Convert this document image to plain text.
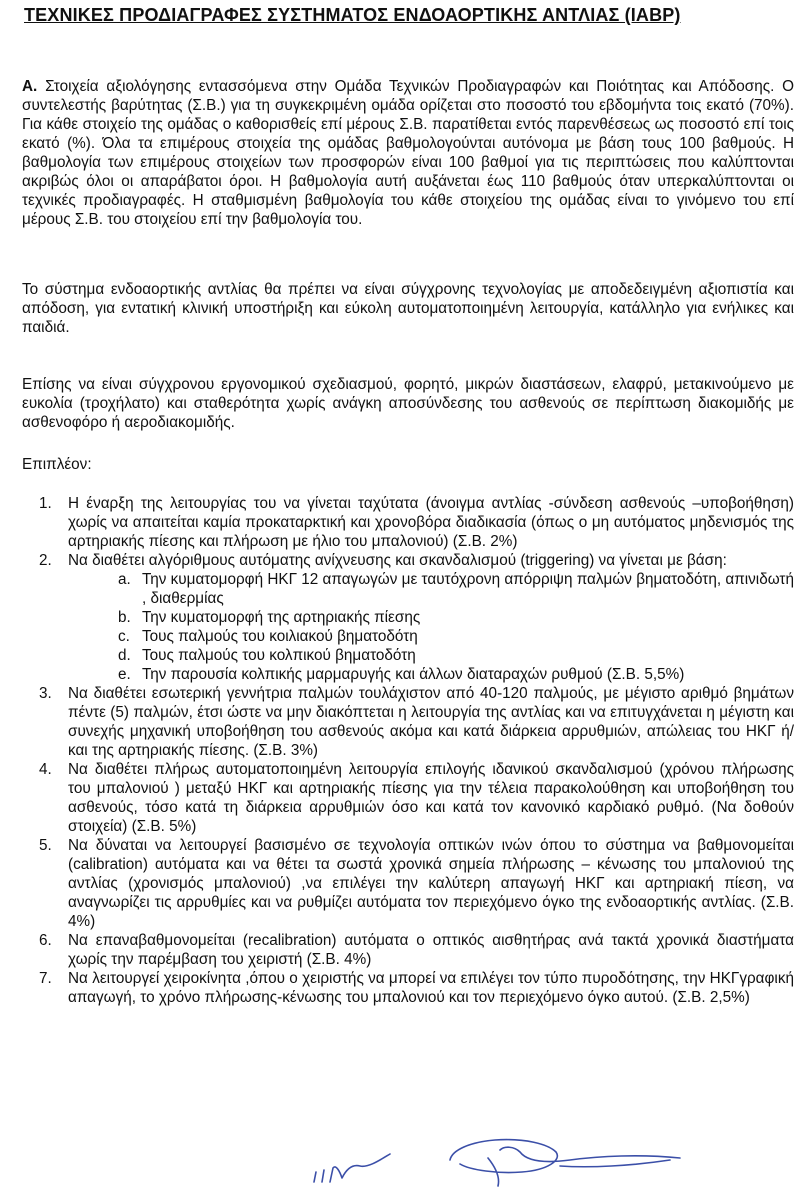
ΤΕΧΝΙΚΕΣ ΠΡΟΔΙΑΓΡΑΦΕΣ ΣΥΣΤΗΜΑΤΟΣ ΕΝΔΟΑΟΡΤΙΚΗΣ ΑΝΤΛΙΑΣ (IABP)
Α. Στοιχεία αξιολόγησης εντασσόμενα στην Ομάδα Τεχνικών Προδιαγραφών και Ποιότητας και Απόδοσης. Ο συντελεστής βαρύτητας (Σ.Β.) για τη συγκεκριμένη ομάδα ορίζεται στο ποσοστό του εβδομήντα τοις εκατό (70%). Για κάθε στοιχείο της ομάδας ο καθορισθείς επί μέρους Σ.Β. παρατίθεται εντός παρενθέσεως ως ποσοστό επί τοις εκατό (%). Όλα τα επιμέρους στοιχεία της ομάδας βαθμολογούνται αυτόνομα με βάση τους 100 βαθμούς. Η βαθμολογία των επιμέρους στοιχείων των προσφορών είναι 100 βαθμοί για τις περιπτώσεις που καλύπτονται ακριβώς όλοι οι απαράβατοι όροι. Η βαθμολογία αυτή αυξάνεται έως 110 βαθμούς όταν υπερκαλύπτονται οι τεχνικές προδιαγραφές. Η σταθμισμένη βαθμολογία του κάθε στοιχείου της ομάδας είναι το γινόμενο του επί μέρους Σ.Β. του στοιχείου επί την βαθμολογία του.
Το σύστημα ενδοαορτικής αντλίας θα πρέπει να είναι σύγχρονης τεχνολογίας με αποδεδειγμένη αξιοπιστία και απόδοση, για εντατική κλινική υποστήριξη και εύκολη αυτοματοποιημένη λειτουργία, κατάλληλο για ενήλικες και παιδιά.
Επίσης να είναι σύγχρονου εργονομικού σχεδιασμού, φορητό, μικρών διαστάσεων, ελαφρύ, μετακινούμενο με ευκολία (τροχήλατο) και σταθερότητα χωρίς ανάγκη αποσύνδεσης του ασθενούς σε περίπτωση διακομιδής με ασθενοφόρο ή αεροδιακομιδής.
Επιπλέον:
1. Η έναρξη της λειτουργίας του να γίνεται ταχύτατα (άνοιγμα αντλίας -σύνδεση ασθενούς –υποβοήθηση) χωρίς να απαιτείται καμία προκαταρκτική και χρονοβόρα διαδικασία (όπως ο μη αυτόματος μηδενισμός της αρτηριακής πίεσης και πλήρωση με ήλιο του μπαλονιού) (Σ.Β. 2%)
2. Να διαθέτει αλγόριθμους αυτόματης ανίχνευσης και σκανδαλισμού (triggering) να γίνεται με βάση:
a. Την κυματομορφή ΗΚΓ 12 απαγωγών με ταυτόχρονη απόρριψη παλμών βηματοδότη, απινιδωτή , διαθερμίας
b. Την κυματομορφή της αρτηριακής πίεσης
c. Τους παλμούς του κοιλιακού βηματοδότη
d. Τους παλμούς του κολπικού βηματοδότη
e. Την παρουσία κολπικής μαρμαρυγής και άλλων διαταραχών ρυθμού (Σ.Β. 5,5%)
3. Να διαθέτει εσωτερική γεννήτρια παλμών τουλάχιστον από 40-120 παλμούς, με μέγιστο αριθμό βημάτων πέντε (5) παλμών, έτσι ώστε να μην διακόπτεται η λειτουργία της αντλίας και να επιτυγχάνεται η μέγιστη και συνεχής μηχανική υποβοήθηση του ασθενούς ακόμα και κατά διάρκεια αρρυθμιών, απώλειας του ΗΚΓ ή/και της αρτηριακής πίεσης. (Σ.Β. 3%)
4. Να διαθέτει πλήρως αυτοματοποιημένη λειτουργία επιλογής ιδανικού σκανδαλισμού (χρόνου πλήρωσης του μπαλονιού ) μεταξύ ΗΚΓ και αρτηριακής πίεσης για την τέλεια παρακολούθηση και υποβοήθηση του ασθενούς, τόσο κατά τη διάρκεια αρρυθμιών όσο και κατά τον κανονικό καρδιακό ρυθμό. (Να δοθούν στοιχεία) (Σ.Β. 5%)
5. Να δύναται να λειτουργεί βασισμένο σε τεχνολογία οπτικών ινών όπου το σύστημα να βαθμονομείται (calibration) αυτόματα και να θέτει τα σωστά χρονικά σημεία πλήρωσης – κένωσης του μπαλονιού της αντλίας (χρονισμός μπαλονιού) ,να επιλέγει την καλύτερη απαγωγή ΗΚΓ και αρτηριακή πίεση, να αναγνωρίζει τις αρρυθμίες και να ρυθμίζει αυτόματα τον περιεχόμενο όγκο της ενδοαορτικής αντλίας. (Σ.Β. 4%)
6. Να επαναβαθμονομείται (recalibration) αυτόματα ο οπτικός αισθητήρας ανά τακτά χρονικά διαστήματα χωρίς την παρέμβαση του χειριστή (Σ.Β. 4%)
7. Να λειτουργεί χειροκίνητα ,όπου ο χειριστής να μπορεί να επιλέγει τον τύπο πυροδότησης, την ΗΚΓγραφική απαγωγή, το χρόνο πλήρωσης-κένωσης του μπαλονιού και τον περιεχόμενο όγκο αυτού. (Σ.Β. 2,5%)
